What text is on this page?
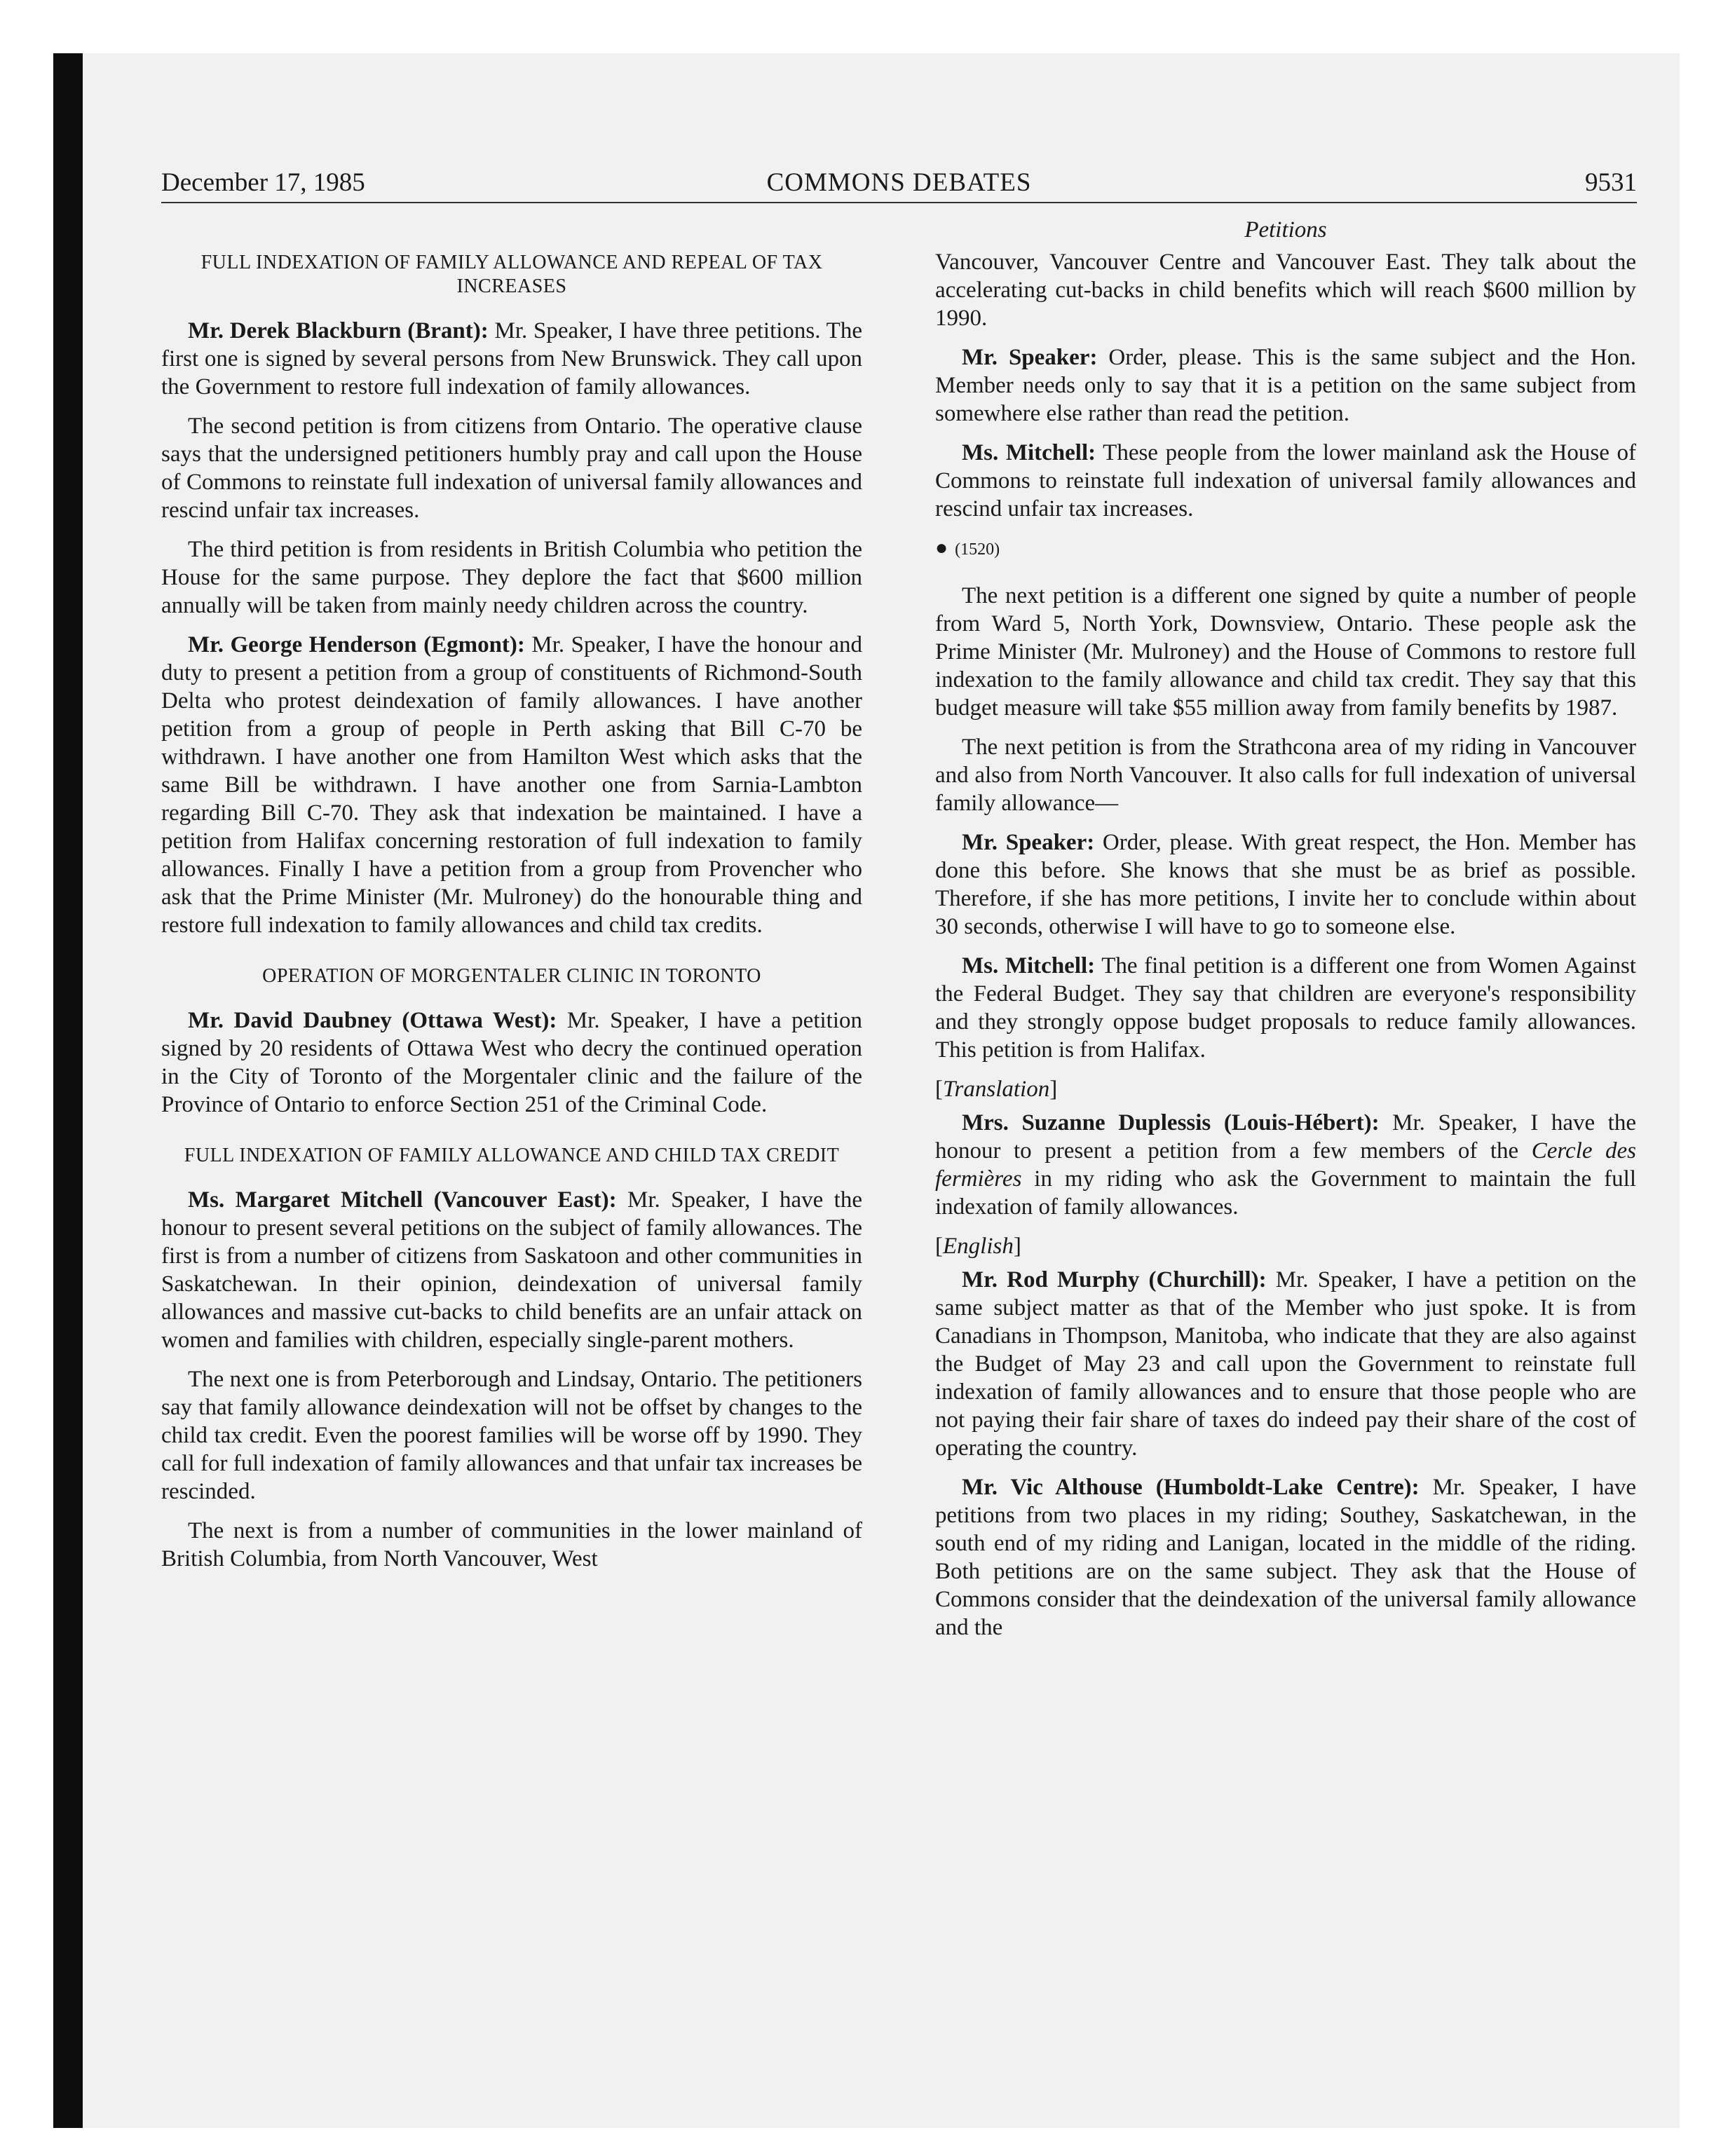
December 17, 1985	COMMONS DEBATES	9531
FULL INDEXATION OF FAMILY ALLOWANCE AND REPEAL OF TAX INCREASES

Mr. Derek Blackburn (Brant): Mr. Speaker, I have three petitions. The first one is signed by several persons from New Brunswick. They call upon the Government to restore full indexation of family allowances.

The second petition is from citizens from Ontario. The operative clause says that the undersigned petitioners humbly pray and call upon the House of Commons to reinstate full indexation of universal family allowances and rescind unfair tax increases.

The third petition is from residents in British Columbia who petition the House for the same purpose. They deplore the fact that $600 million annually will be taken from mainly needy children across the country.

Mr. George Henderson (Egmont): Mr. Speaker, I have the honour and duty to present a petition from a group of constituents of Richmond-South Delta who protest deindexation of family allowances. I have another petition from a group of people in Perth asking that Bill C-70 be withdrawn. I have another one from Hamilton West which asks that the same Bill be withdrawn. I have another one from Sarnia-Lambton regarding Bill C-70. They ask that indexation be maintained. I have a petition from Halifax concerning restoration of full indexation to family allowances. Finally I have a petition from a group from Provencher who ask that the Prime Minister (Mr. Mulroney) do the honourable thing and restore full indexation to family allowances and child tax credits.

OPERATION OF MORGENTALER CLINIC IN TORONTO

Mr. David Daubney (Ottawa West): Mr. Speaker, I have a petition signed by 20 residents of Ottawa West who decry the continued operation in the City of Toronto of the Morgentaler clinic and the failure of the Province of Ontario to enforce Section 251 of the Criminal Code.

FULL INDEXATION OF FAMILY ALLOWANCE AND CHILD TAX CREDIT

Ms. Margaret Mitchell (Vancouver East): Mr. Speaker, I have the honour to present several petitions on the subject of family allowances. The first is from a number of citizens from Saskatoon and other communities in Saskatchewan. In their opinion, deindexation of universal family allowances and massive cut-backs to child benefits are an unfair attack on women and families with children, especially single-parent mothers.

The next one is from Peterborough and Lindsay, Ontario. The petitioners say that family allowance deindexation will not be offset by changes to the child tax credit. Even the poorest families will be worse off by 1990. They call for full indexation of family allowances and that unfair tax increases be rescinded.

The next is from a number of communities in the lower mainland of British Columbia, from North Vancouver, West

Petitions

Vancouver, Vancouver Centre and Vancouver East. They talk about the accelerating cut-backs in child benefits which will reach $600 million by 1990.

Mr. Speaker: Order, please. This is the same subject and the Hon. Member needs only to say that it is a petition on the same subject from somewhere else rather than read the petition.

Ms. Mitchell: These people from the lower mainland ask the House of Commons to reinstate full indexation of universal family allowances and rescind unfair tax increases.

● (1520)

The next petition is a different one signed by quite a number of people from Ward 5, North York, Downsview, Ontario. These people ask the Prime Minister (Mr. Mulroney) and the House of Commons to restore full indexation to the family allowance and child tax credit. They say that this budget measure will take $55 million away from family benefits by 1987.

The next petition is from the Strathcona area of my riding in Vancouver and also from North Vancouver. It also calls for full indexation of universal family allowance—

Mr. Speaker: Order, please. With great respect, the Hon. Member has done this before. She knows that she must be as brief as possible. Therefore, if she has more petitions, I invite her to conclude within about 30 seconds, otherwise I will have to go to someone else.

Ms. Mitchell: The final petition is a different one from Women Against the Federal Budget. They say that children are everyone's responsibility and they strongly oppose budget proposals to reduce family allowances. This petition is from Halifax.

[Translation]

Mrs. Suzanne Duplessis (Louis-Hébert): Mr. Speaker, I have the honour to present a petition from a few members of the Cercle des fermières in my riding who ask the Government to maintain the full indexation of family allowances.

[English]

Mr. Rod Murphy (Churchill): Mr. Speaker, I have a petition on the same subject matter as that of the Member who just spoke. It is from Canadians in Thompson, Manitoba, who indicate that they are also against the Budget of May 23 and call upon the Government to reinstate full indexation of family allowances and to ensure that those people who are not paying their fair share of taxes do indeed pay their share of the cost of operating the country.

Mr. Vic Althouse (Humboldt-Lake Centre): Mr. Speaker, I have petitions from two places in my riding; Southey, Saskatchewan, in the south end of my riding and Lanigan, located in the middle of the riding. Both petitions are on the same subject. They ask that the House of Commons consider that the deindexation of the universal family allowance and the
